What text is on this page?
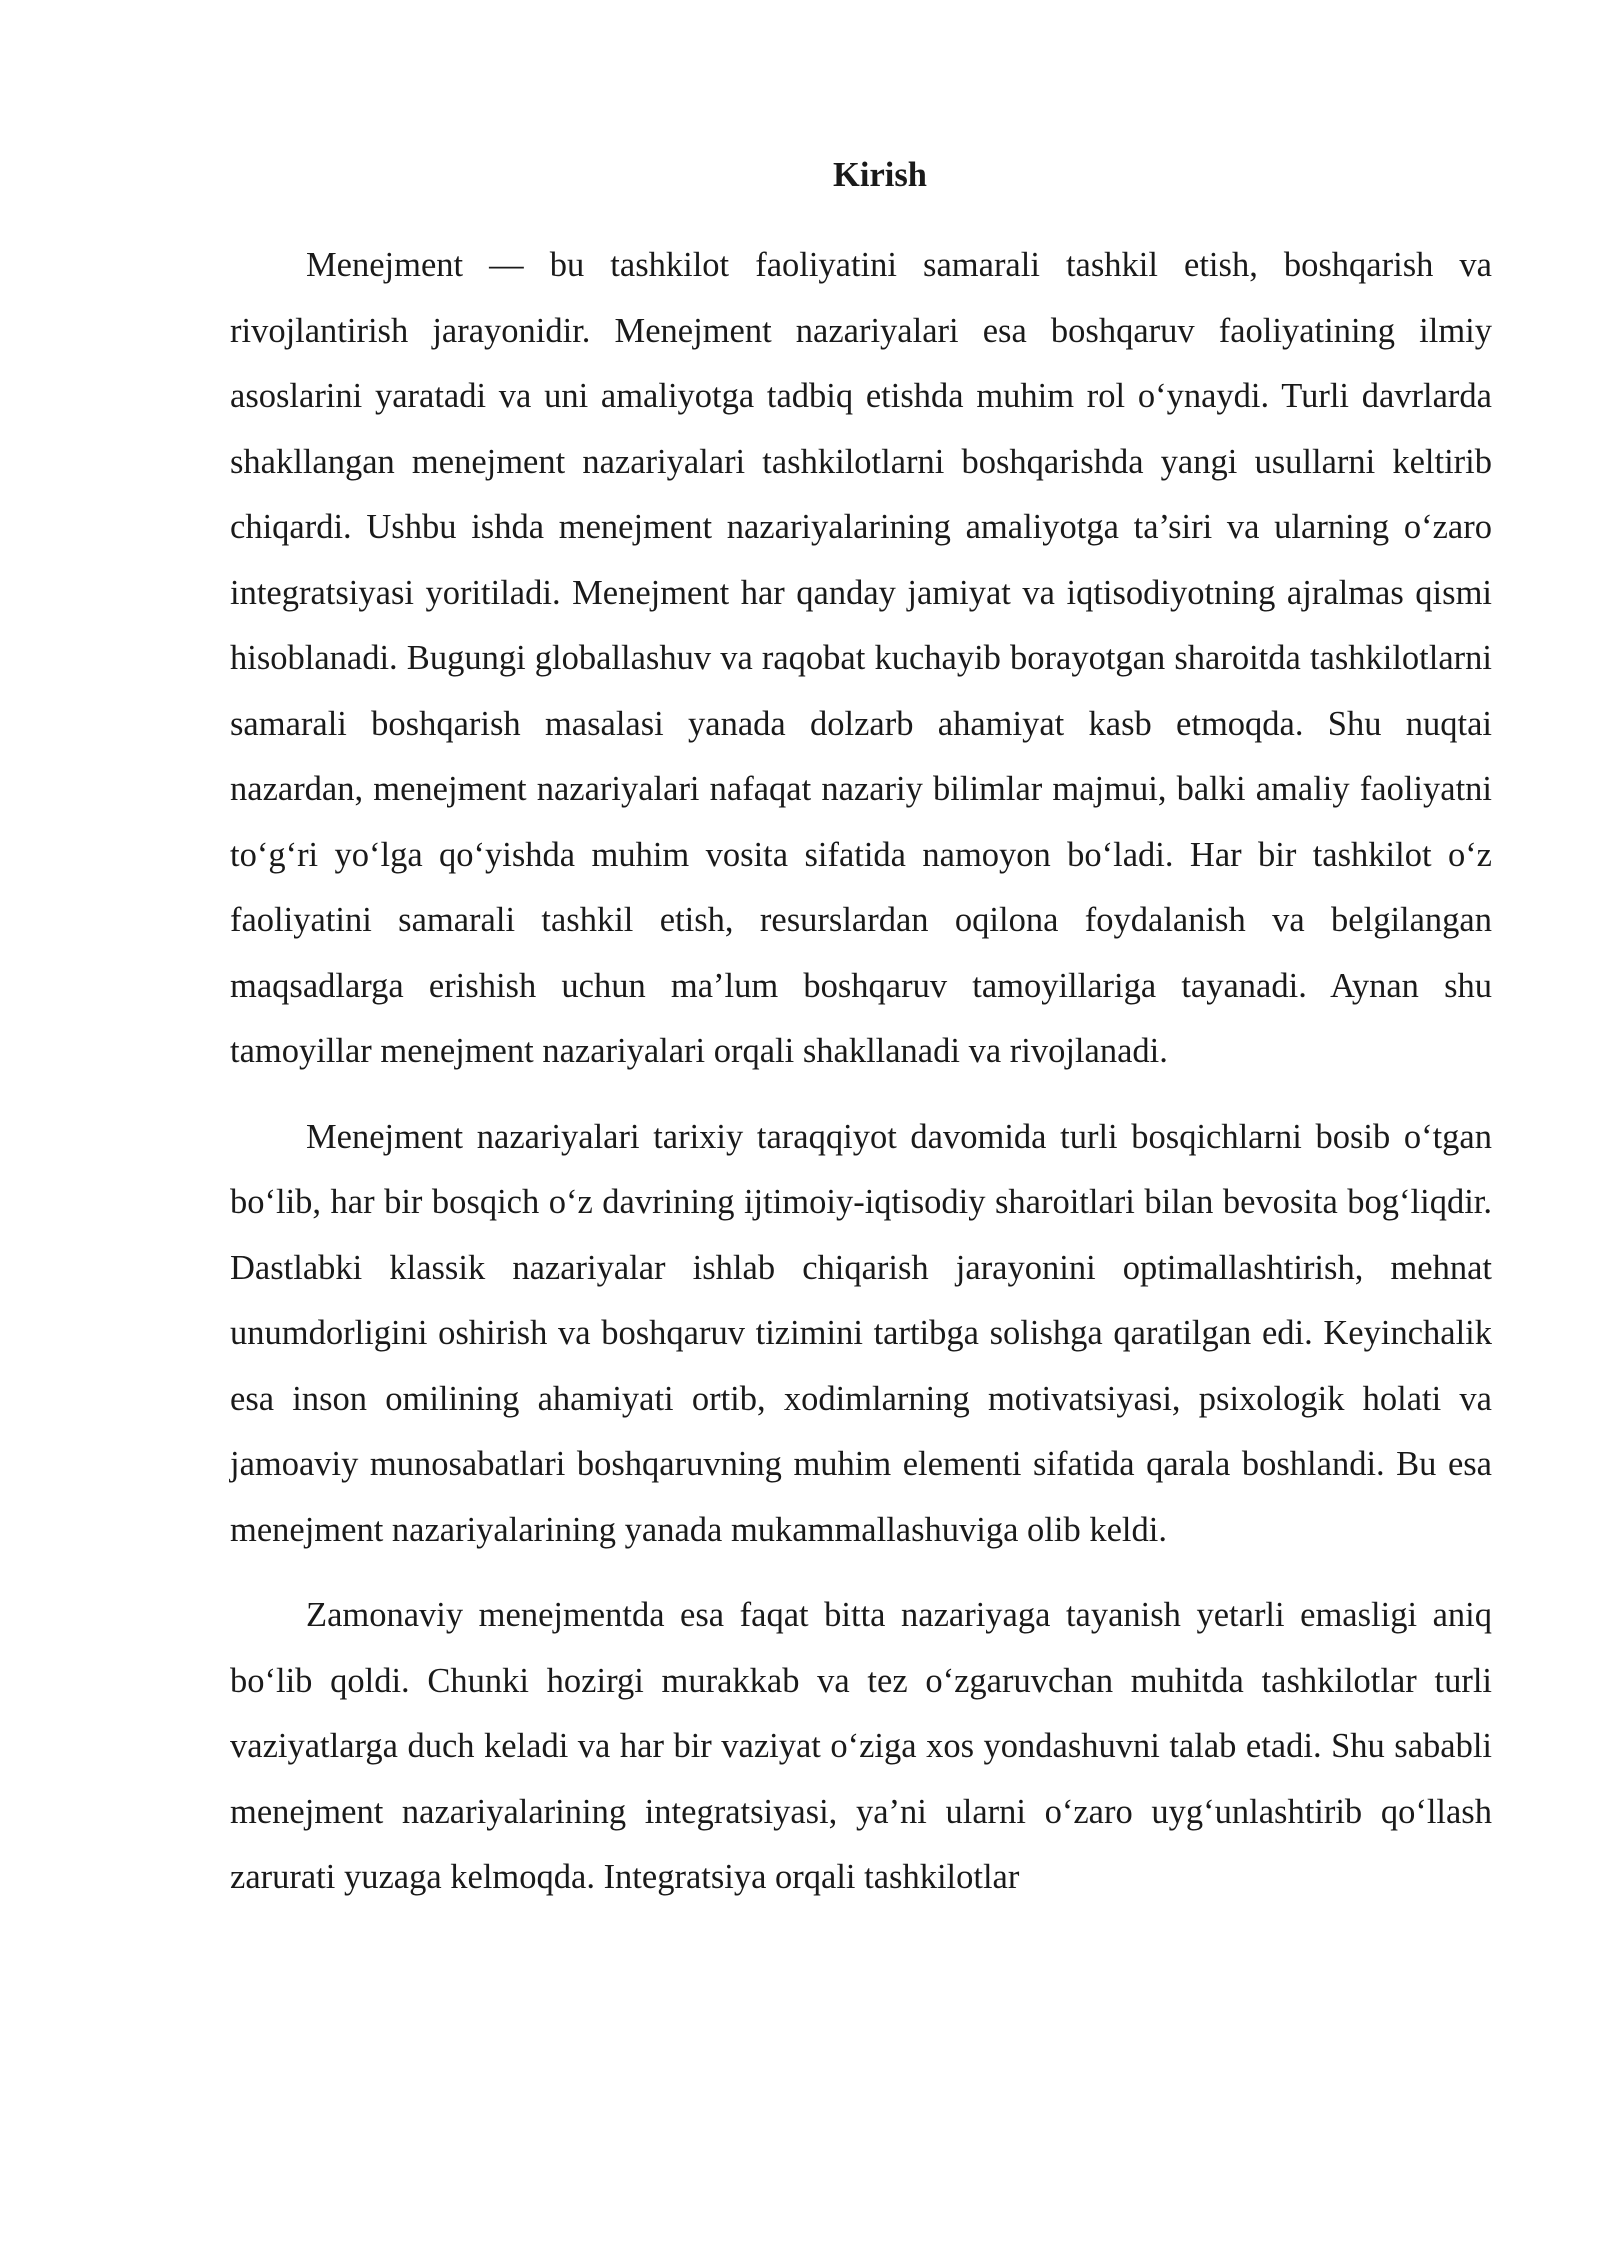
Kirish

Menejment — bu tashkilot faoliyatini samarali tashkil etish, boshqarish va rivojlantirish jarayonidir. Menejment nazariyalari esa boshqaruv faoliyatining ilmiy asoslarini yaratadi va uni amaliyotga tadbiq etishda muhim rol o‘ynaydi. Turli davrlarda shakllangan menejment nazariyalari tashkilotlarni boshqarishda yangi usullarni keltirib chiqardi. Ushbu ishda menejment nazariyalarining amaliyotga ta’siri va ularning o‘zaro integratsiyasi yoritiladi. Menejment har qanday jamiyat va iqtisodiyotning ajralmas qismi hisoblanadi. Bugungi globallashuv va raqobat kuchayib borayotgan sharoitda tashkilotlarni samarali boshqarish masalasi yanada dolzarb ahamiyat kasb etmoqda. Shu nuqtai nazardan, menejment nazariyalari nafaqat nazariy bilimlar majmui, balki amaliy faoliyatni to‘g‘ri yo‘lga qo‘yishda muhim vosita sifatida namoyon bo‘ladi. Har bir tashkilot o‘z faoliyatini samarali tashkil etish, resurslardan oqilona foydalanish va belgilangan maqsadlarga erishish uchun ma’lum boshqaruv tamoyillariga tayanadi. Aynan shu tamoyillar menejment nazariyalari orqali shakllanadi va rivojlanadi.

Menejment nazariyalari tarixiy taraqqiyot davomida turli bosqichlarni bosib o‘tgan bo‘lib, har bir bosqich o‘z davrining ijtimoiy-iqtisodiy sharoitlari bilan bevosita bog‘liqdir. Dastlabki klassik nazariyalar ishlab chiqarish jarayonini optimallashtirish, mehnat unumdorligini oshirish va boshqaruv tizimini tartibga solishga qaratilgan edi. Keyinchalik esa inson omilining ahamiyati ortib, xodimlarning motivatsiyasi, psixologik holati va jamoaviy munosabatlari boshqaruvning muhim elementi sifatida qarala boshlandi. Bu esa menejment nazariyalarining yanada mukammallashuviga olib keldi.

Zamonaviy menejmentda esa faqat bitta nazariyaga tayanish yetarli emasligi aniq bo‘lib qoldi. Chunki hozirgi murakkab va tez o‘zgaruvchan muhitda tashkilotlar turli vaziyatlarga duch keladi va har bir vaziyat o‘ziga xos yondashuvni talab etadi. Shu sababli menejment nazariyalarining integratsiyasi, ya’ni ularni o‘zaro uyg‘unlashtirib qo‘llash zarurati yuzaga kelmoqda. Integratsiya orqali tashkilotlar
